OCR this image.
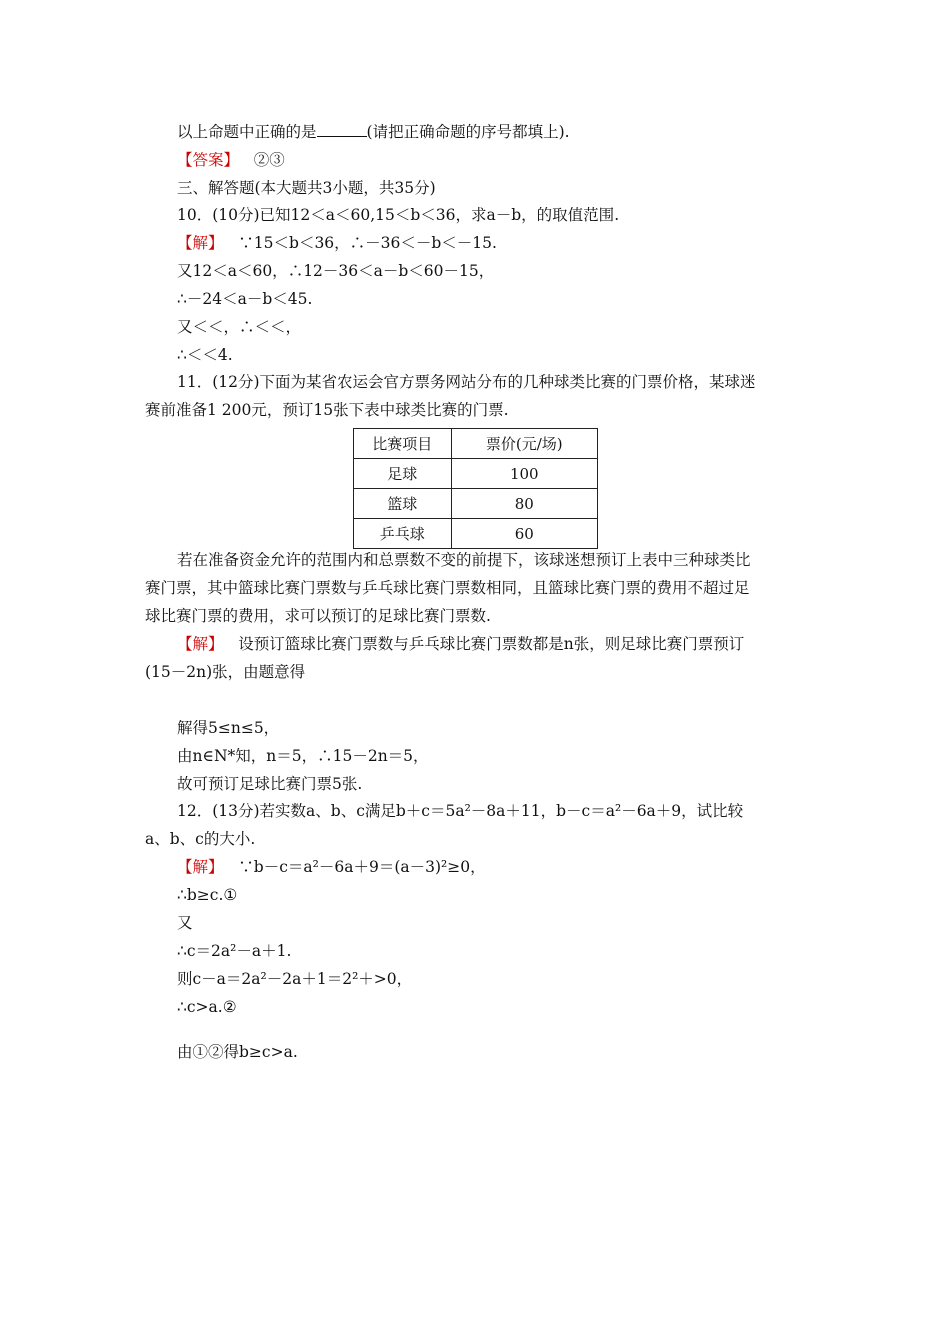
以上命题中正确的是	(请把正确命题的序号都填上).
【答案】 ②③
三、解答题(本大题共3小题，共35分)
10．(10分)已知12＜a＜60,15＜b＜36，求a－b，的取值范围.
【解】 ∵15＜b＜36，∴－36＜－b＜－15.
又12＜a＜60，∴12－36＜a－b＜60－15，
∴－24＜a－b＜45.
又＜＜，∴＜＜，
∴＜＜4.
11．(12分)下面为某省农运会官方票务网站分布的几种球类比赛的门票价格，某球迷
赛前准备1 200元，预订15张下表中球类比赛的门票.
比赛项目	票价(元/场)
足球	100
篮球	80
乒乓球	60
若在准备资金允许的范围内和总票数不变的前提下，该球迷想预订上表中三种球类比
赛门票，其中篮球比赛门票数与乒乓球比赛门票数相同，且篮球比赛门票的费用不超过足
球比赛门票的费用，求可以预订的足球比赛门票数.
【解】 设预订篮球比赛门票数与乒乓球比赛门票数都是n张，则足球比赛门票预订
(15－2n)张，由题意得
解得5≤n≤5，
由n∈N*知，n＝5，∴15－2n＝5，
故可预订足球比赛门票5张.
12．(13分)若实数a、b、c满足b＋c＝5a²－8a＋11，b－c＝a²－6a＋9，试比较
a、b、c的大小.
【解】 ∵b－c＝a²－6a＋9＝(a－3)²≥0，
∴b≥c.①
又
∴c＝2a²－a＋1.
则c－a＝2a²－2a＋1＝2²＋>0，
∴c>a.②
由①②得b≥c>a.
